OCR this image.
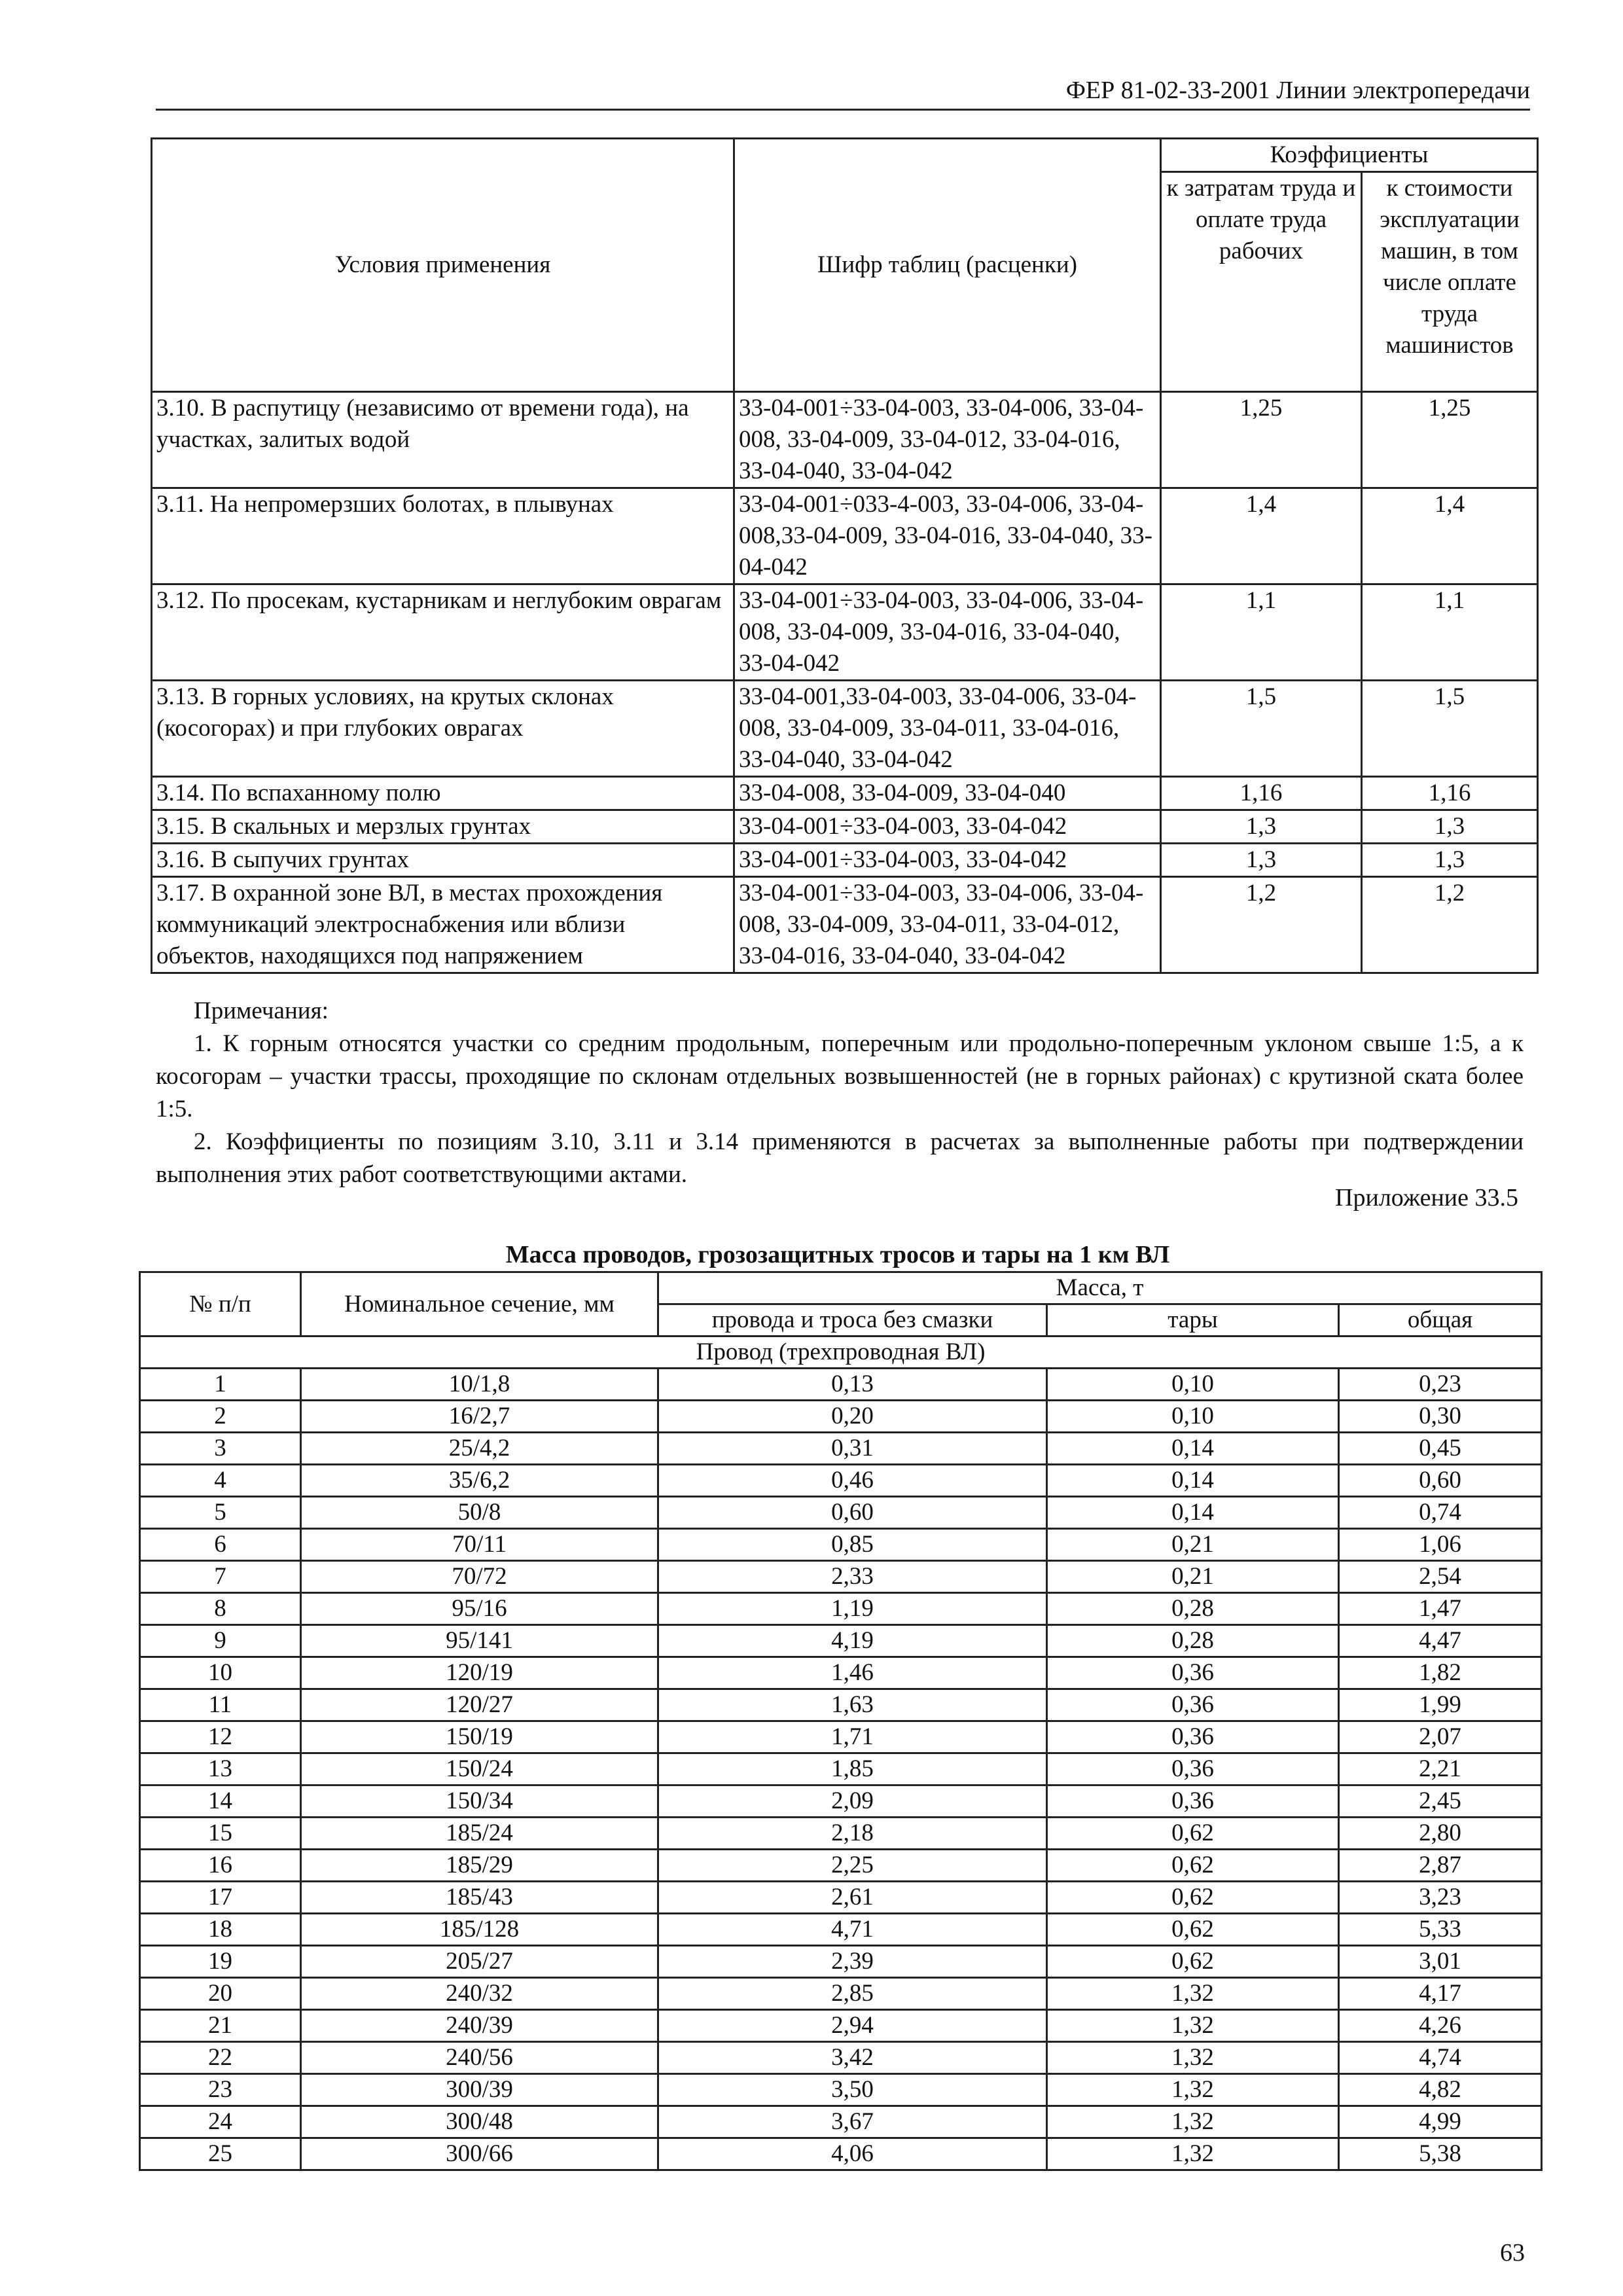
ФЕР 81-02-33-2001 Линии электропередачи
Условия применения	Шифр таблиц (расценки)	Коэффициенты	
		к затратам труда и оплате труда рабочих	к стоимости эксплуатации машин, в том числе оплате труда машинистов
3.10. В распутицу (независимо от времени года), на участках, залитых водой	33-04-001÷33-04-003, 33-04-006, 33-04-008, 33-04-009, 33-04-012, 33-04-016, 33-04-040, 33-04-042	1,25	1,25
3.11. На непромерзших болотах, в плывунах	33-04-001÷033-4-003, 33-04-006, 33-04-008,33-04-009, 33-04-016, 33-04-040, 33-04-042	1,4	1,4
3.12. По просекам, кустарникам и неглубоким оврагам	33-04-001÷33-04-003, 33-04-006, 33-04-008, 33-04-009, 33-04-016, 33-04-040, 33-04-042	1,1	1,1
3.13. В горных условиях, на крутых склонах (косогорах) и при глубоких оврагах	33-04-001,33-04-003, 33-04-006, 33-04-008, 33-04-009, 33-04-011, 33-04-016, 33-04-040, 33-04-042	1,5	1,5
3.14. По вспаханному полю	33-04-008, 33-04-009, 33-04-040	1,16	1,16
3.15. В скальных и мерзлых грунтах	33-04-001÷33-04-003, 33-04-042	1,3	1,3
3.16. В сыпучих грунтах	33-04-001÷33-04-003, 33-04-042	1,3	1,3
3.17. В охранной зоне ВЛ, в местах прохождения коммуникаций электроснабжения или вблизи объектов, находящихся под напряжением	33-04-001÷33-04-003, 33-04-006, 33-04-008, 33-04-009, 33-04-011, 33-04-012, 33-04-016, 33-04-040, 33-04-042	1,2	1,2

Примечания:

1. К горным относятся участки со средним продольным, поперечным или продольно-поперечным уклоном свыше 1:5, а к косогорам – участки трассы, проходящие по склонам отдельных возвышенностей (не в горных районах) с крутизной ската более 1:5.

2. Коэффициенты по позициям 3.10, 3.11 и 3.14 применяются в расчетах за выполненные работы при подтверждении выполнения этих работ соответствующими актами.

Приложение 33.5
Масса проводов, грозозащитных тросов и тары на 1 км ВЛ
№ п/п	Номинальное сечение, мм	Масса, т		
		провода и троса без смазки	тары	общая
Провод (трехпроводная ВЛ)				
1	10/1,8	0,13	0,10	0,23
2	16/2,7	0,20	0,10	0,30
3	25/4,2	0,31	0,14	0,45
4	35/6,2	0,46	0,14	0,60
5	50/8	0,60	0,14	0,74
6	70/11	0,85	0,21	1,06
7	70/72	2,33	0,21	2,54
8	95/16	1,19	0,28	1,47
9	95/141	4,19	0,28	4,47
10	120/19	1,46	0,36	1,82
11	120/27	1,63	0,36	1,99
12	150/19	1,71	0,36	2,07
13	150/24	1,85	0,36	2,21
14	150/34	2,09	0,36	2,45
15	185/24	2,18	0,62	2,80
16	185/29	2,25	0,62	2,87
17	185/43	2,61	0,62	3,23
18	185/128	4,71	0,62	5,33
19	205/27	2,39	0,62	3,01
20	240/32	2,85	1,32	4,17
21	240/39	2,94	1,32	4,26
22	240/56	3,42	1,32	4,74
23	300/39	3,50	1,32	4,82
24	300/48	3,67	1,32	4,99
25	300/66	4,06	1,32	5,38
63
